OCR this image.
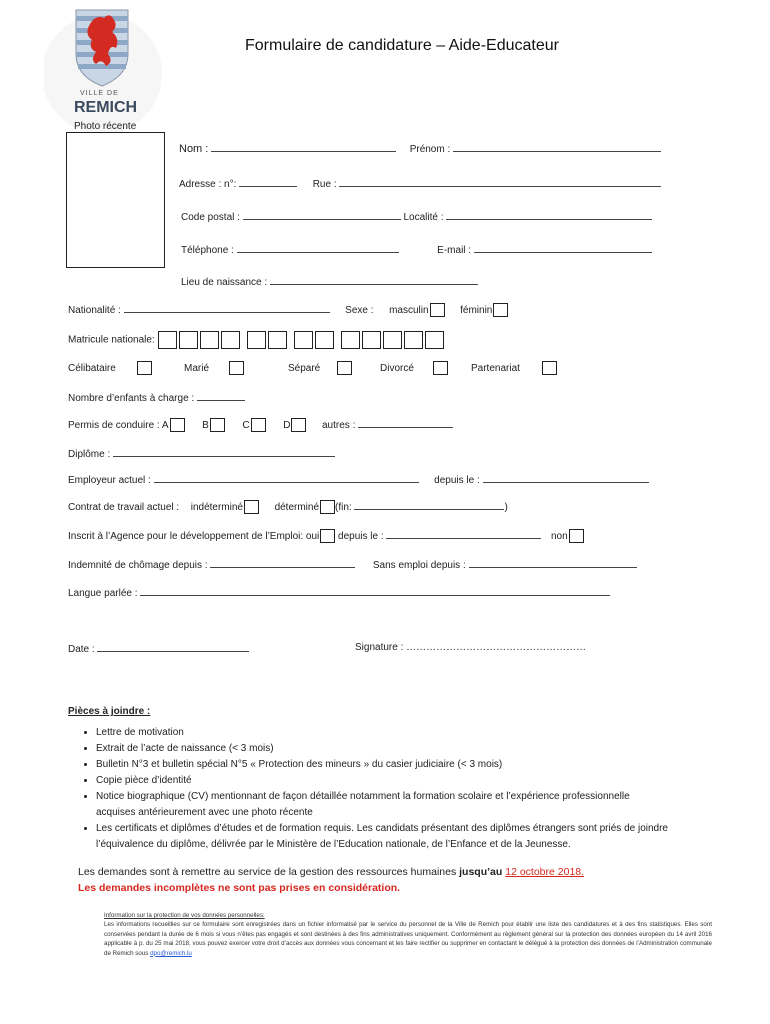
VILLE DE
REMICH
Formulaire de candidature – Aide-Educateur
Photo récente
Nom :	Prénom :
Adresse : n°:	Rue :
Code postal :	Localité :
Téléphone :	E-mail :
Lieu de naissance :
Nationalité :	Sexe : masculin	féminin
Matricule nationale:
Célibataire	Marié	Séparé	Divorcé	Partenariat
Nombre d’enfants à charge :
Permis de conduire : A	B	C	D	autres :
Diplôme :
Employeur actuel :	depuis le :
Contrat de travail actuel : indéterminé	déterminé (fin:	)
Inscrit à l’Agence pour le développement de l’Emploi: oui depuis le :	non
Indemnité de chômage depuis :	Sans emploi depuis :
Langue parlée :
Date :	Signature : ………………………………………………
Pièces à joindre :
• Lettre de motivation
• Extrait de l’acte de naissance (< 3 mois)
• Bulletin N°3 et bulletin spécial N°5 « Protection des mineurs » du casier judiciaire (< 3 mois)
• Copie pièce d’identité
• Notice biographique (CV) mentionnant de façon détaillée notamment la formation scolaire et l’expérience professionnelle acquises antérieurement avec une photo récente
• Les certificats et diplômes d’études et de formation requis. Les candidats présentant des diplômes étrangers sont priés de joindre l’équivalence du diplôme, délivrée par le Ministère de l’Education nationale, de l’Enfance et de la Jeunesse.
Les demandes sont à remettre au service de la gestion des ressources humaines jusqu’au 12 octobre 2018.
Les demandes incomplètes ne sont pas prises en considération.
Information sur la protection de vos données personnelles:
Les informations recueillies sur ce formulaire sont enregistrées dans un fichier informatisé par le service du personnel de la Ville de Remich pour établir une liste des candidatures et à des fins statistiques. Elles sont conservées pendant la durée de 6 mois si vous n’êtes pas engagés et sont destinées à des fins administratives uniquement. Conformément au règlement général sur la protection des données européen du 14 avril 2016 applicable à p. du 25 mai 2018, vous pouvez exercer votre droit d’accès aux données vous concernant et les faire rectifier ou supprimer en contactant le délégué à la protection des données de l’Administration communale de Remich sous dpo@remich.lu
